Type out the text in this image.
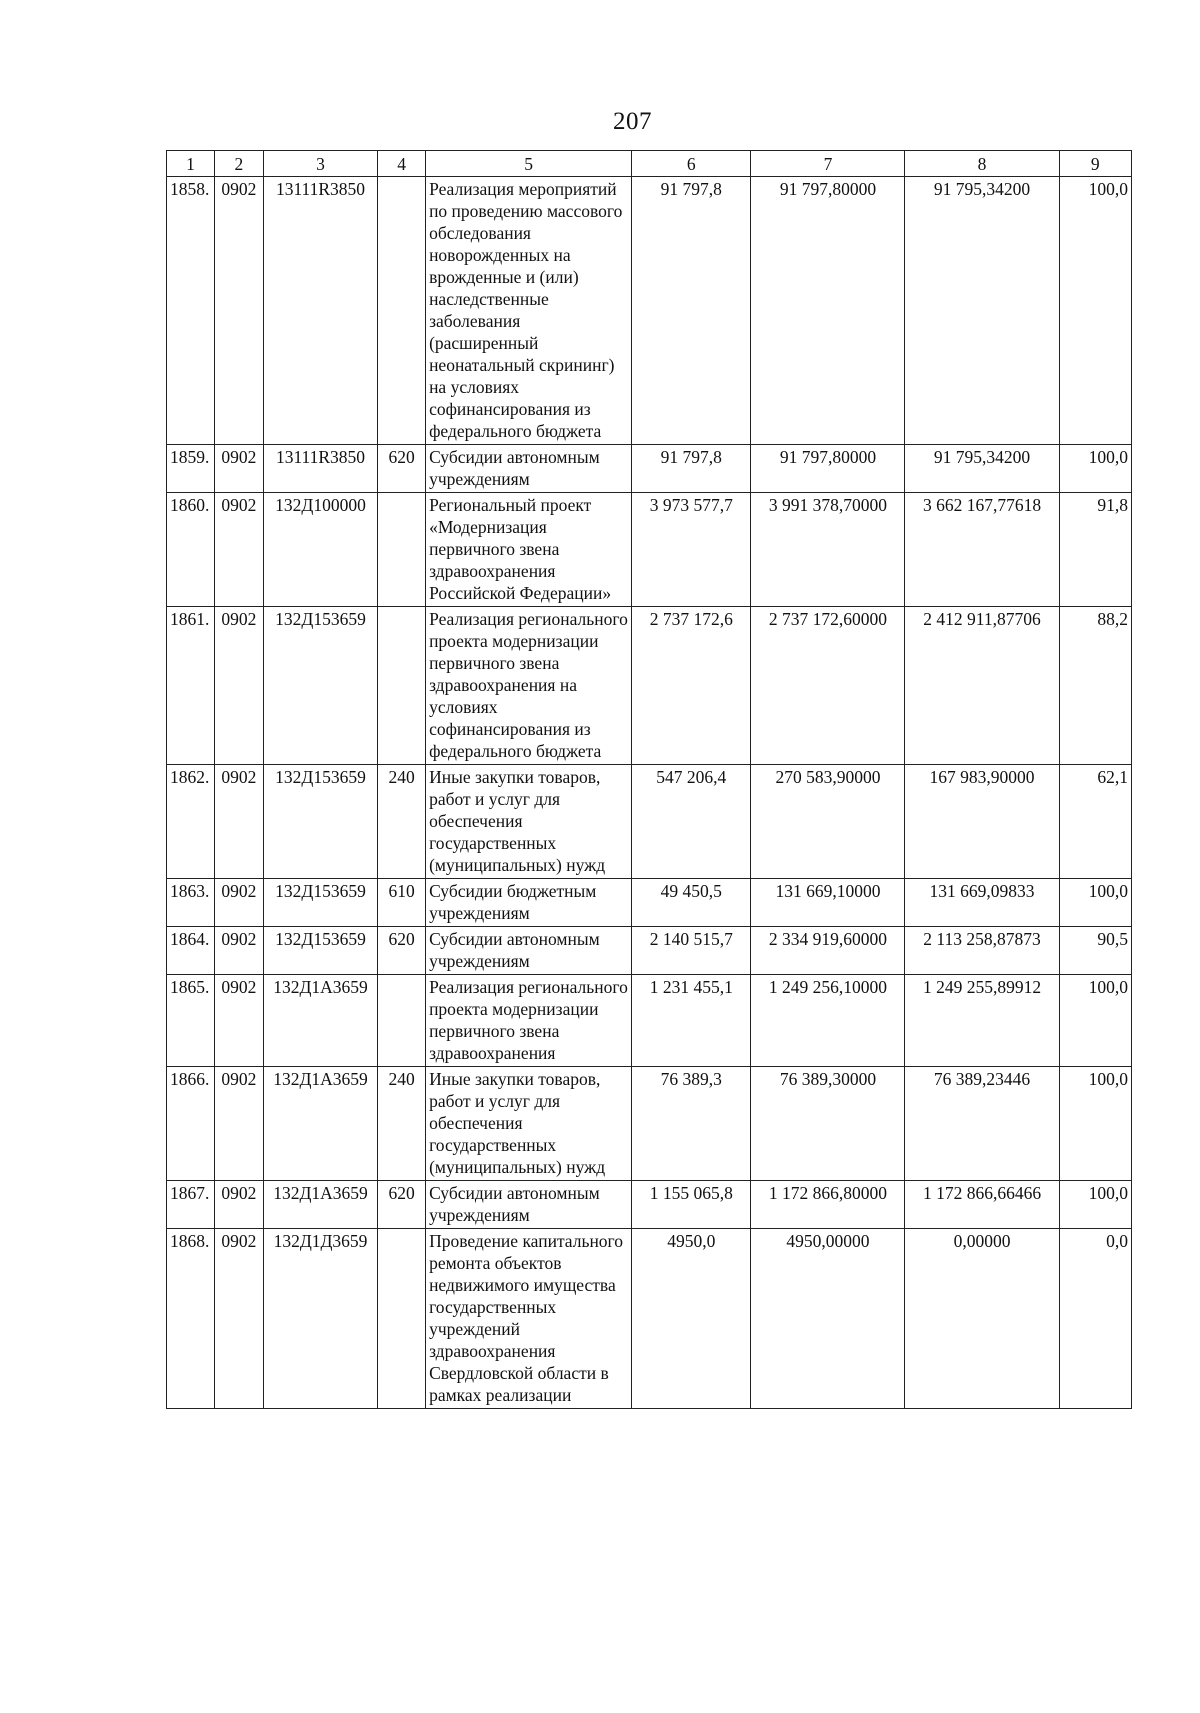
207
1	2	3	4	5	6	7	8	9
1858.	0902	13111R3850		Реализация мероприятий по проведению массового обследования новорожденных на врожденные и (или) наследственные заболевания (расширенный неонатальный скрининг) на условиях софинансирования из федерального бюджета	91 797,8	91 797,80000	91 795,34200	100,0
1859.	0902	13111R3850	620	Субсидии автономным учреждениям	91 797,8	91 797,80000	91 795,34200	100,0
1860.	0902	132Д100000		Региональный проект «Модернизация первичного звена здравоохранения Российской Федерации»	3 973 577,7	3 991 378,70000	3 662 167,77618	91,8
1861.	0902	132Д153659		Реализация регионального проекта модернизации первичного звена здравоохранения на условиях софинансирования из федерального бюджета	2 737 172,6	2 737 172,60000	2 412 911,87706	88,2
1862.	0902	132Д153659	240	Иные закупки товаров, работ и услуг для обеспечения государственных (муниципальных) нужд	547 206,4	270 583,90000	167 983,90000	62,1
1863.	0902	132Д153659	610	Субсидии бюджетным учреждениям	49 450,5	131 669,10000	131 669,09833	100,0
1864.	0902	132Д153659	620	Субсидии автономным учреждениям	2 140 515,7	2 334 919,60000	2 113 258,87873	90,5
1865.	0902	132Д1А3659		Реализация регионального проекта модернизации первичного звена здравоохранения	1 231 455,1	1 249 256,10000	1 249 255,89912	100,0
1866.	0902	132Д1А3659	240	Иные закупки товаров, работ и услуг для обеспечения государственных (муниципальных) нужд	76 389,3	76 389,30000	76 389,23446	100,0
1867.	0902	132Д1А3659	620	Субсидии автономным учреждениям	1 155 065,8	1 172 866,80000	1 172 866,66466	100,0
1868.	0902	132Д1Д3659		Проведение капитального ремонта объектов недвижимого имущества государственных учреждений здравоохранения Свердловской области в рамках реализации	4950,0	4950,00000	0,00000	0,0
